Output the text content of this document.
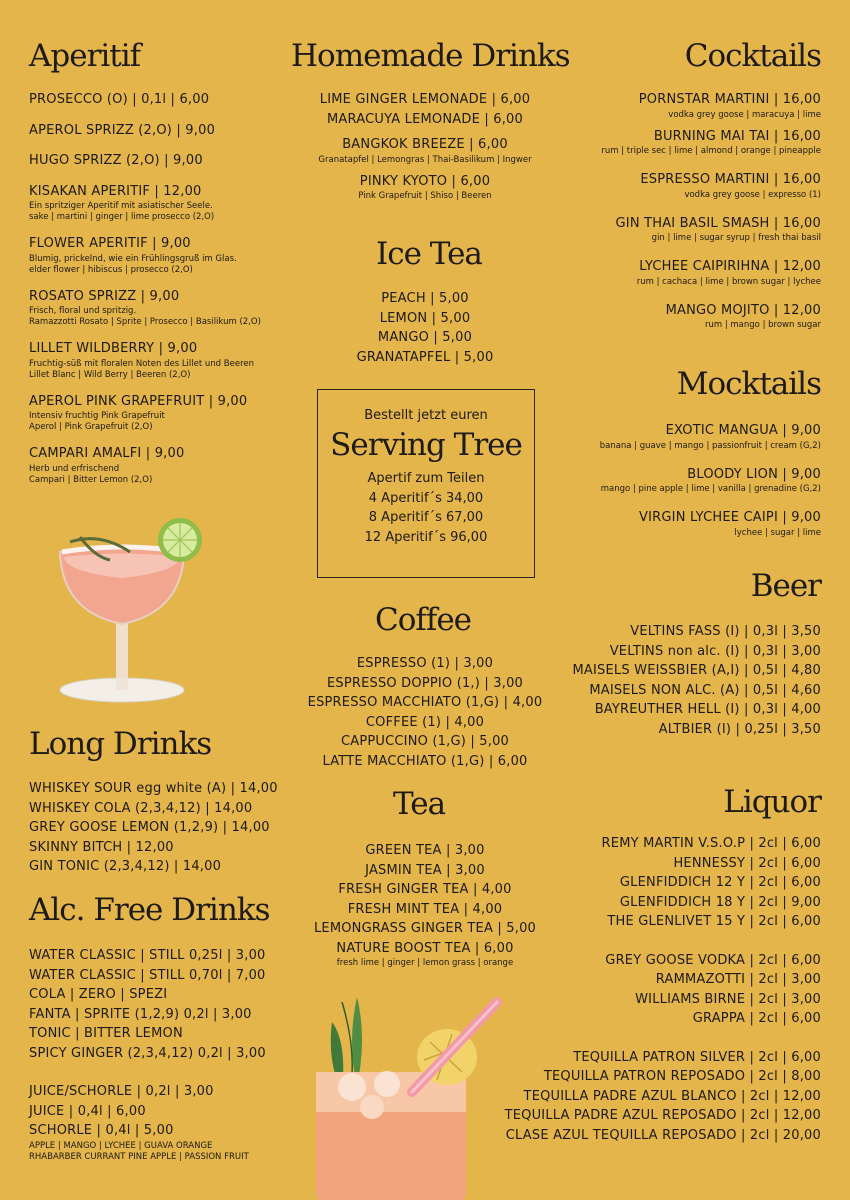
Aperitif
PROSECCO (O) | 0,1l | 6,00
APEROL SPRIZZ (2,O) | 9,00
HUGO SPRIZZ (2,O) | 9,00
KISAKAN APERITIF | 12,00
Ein spritziger Aperitif mit asiatischer Seele.
sake | martini | ginger | lime prosecco (2,O)
FLOWER APERITIF | 9,00
Blumig, prickelnd, wie ein Frühlingsgruß im Glas.
elder flower | hibiscus | prosecco (2,O)
ROSATO SPRIZZ | 9,00
Frisch, floral und spritzig.
Ramazzotti Rosato | Sprite | Prosecco | Basilikum (2,O)
LILLET WILDBERRY | 9,00
Fruchtig-süß mit floralen Noten des Lillet und Beeren
Lillet Blanc | Wild Berry | Beeren (2,O)
APEROL PINK GRAPEFRUIT | 9,00
Intensiv fruchtig Pink Grapefruit
Aperol | Pink Grapefruit (2,O)
CAMPARI AMALFI | 9,00
Herb und erfrischend
Campari | Bitter Lemon (2,O)
Long Drinks
WHISKEY SOUR egg white (A) | 14,00
WHISKEY COLA (2,3,4,12) | 14,00
GREY GOOSE LEMON (1,2,9) | 14,00
SKINNY BITCH | 12,00
GIN TONIC (2,3,4,12) | 14,00
Alc. Free Drinks
WATER CLASSIC | STILL 0,25l | 3,00
WATER CLASSIC | STILL 0,70l | 7,00
COLA | ZERO | SPEZI
FANTA | SPRITE (1,2,9) 0,2l | 3,00
TONIC | BITTER LEMON
SPICY GINGER (2,3,4,12) 0,2l | 3,00
JUICE/SCHORLE | 0,2l | 3,00
JUICE | 0,4l | 6,00
SCHORLE | 0,4l | 5,00
APPLE | MANGO | LYCHEE | GUAVA ORANGE
RHABARBER CURRANT PINE APPLE | PASSION FRUIT
Homemade Drinks
LIME GINGER LEMONADE | 6,00
MARACUYA LEMONADE | 6,00
BANGKOK BREEZE | 6,00
Granatapfel | Lemongras | Thai-Basilikum | Ingwer
PINKY KYOTO | 6,00
Pink Grapefruit | Shiso | Beeren
Ice Tea
PEACH | 5,00
LEMON | 5,00
MANGO | 5,00
GRANATAPFEL | 5,00
Bestellt jetzt euren
Serving Tree
Apertif zum Teilen
4 Aperitif´s 34,00
8 Aperitif´s 67,00
12 Aperitif´s 96,00
Coffee
ESPRESSO (1) | 3,00
ESPRESSO DOPPIO (1,) | 3,00
ESPRESSO MACCHIATO (1,G) | 4,00
COFFEE (1) | 4,00
CAPPUCCINO (1,G) | 5,00
LATTE MACCHIATO (1,G) | 6,00
Tea
GREEN TEA | 3,00
JASMIN TEA | 3,00
FRESH GINGER TEA | 4,00
FRESH MINT TEA | 4,00
LEMONGRASS GINGER TEA | 5,00
NATURE BOOST TEA | 6,00
fresh lime | ginger | lemon grass | orange
Cocktails
PORNSTAR MARTINI | 16,00
vodka grey goose | maracuya | lime
BURNING MAI TAI | 16,00
rum | triple sec | lime | almond | orange | pineapple
ESPRESSO MARTINI | 16,00
vodka grey goose | expresso (1)
GIN THAI BASIL SMASH | 16,00
gin | lime | sugar syrup | fresh thai basil
LYCHEE CAIPIRIHNA | 12,00
rum | cachaca | lime | brown sugar | lychee
MANGO MOJITO | 12,00
rum | mango | brown sugar
Mocktails
EXOTIC MANGUA | 9,00
banana | guave | mango | passionfruit | cream (G,2)
BLOODY LION | 9,00
mango | pine apple | lime | vanilla | grenadine (G,2)
VIRGIN LYCHEE CAIPI | 9,00
lychee | sugar | lime
Beer
VELTINS FASS (I) | 0,3l | 3,50
VELTINS non alc. (I) | 0,3l | 3,00
MAISELS WEISSBIER (A,I) | 0,5l | 4,80
MAISELS NON ALC. (A) | 0,5l | 4,60
BAYREUTHER HELL (I) | 0,3l | 4,00
ALTBIER (I) | 0,25l | 3,50
Liquor
REMY MARTIN V.S.O.P | 2cl | 6,00
HENNESSY | 2cl | 6,00
GLENFIDDICH 12 Y | 2cl | 6,00
GLENFIDDICH 18 Y | 2cl | 9,00
THE GLENLIVET 15 Y | 2cl | 6,00
GREY GOOSE VODKA | 2cl | 6,00
RAMMAZOTTI | 2cl | 3,00
WILLIAMS BIRNE | 2cl | 3,00
GRAPPA | 2cl | 6,00
TEQUILLA PATRON SILVER | 2cl | 6,00
TEQUILLA PATRON REPOSADO | 2cl | 8,00
TEQUILLA PADRE AZUL BLANCO | 2cl | 12,00
TEQUILLA PADRE AZUL REPOSADO | 2cl | 12,00
CLASE AZUL TEQUILLA REPOSADO | 2cl | 20,00
